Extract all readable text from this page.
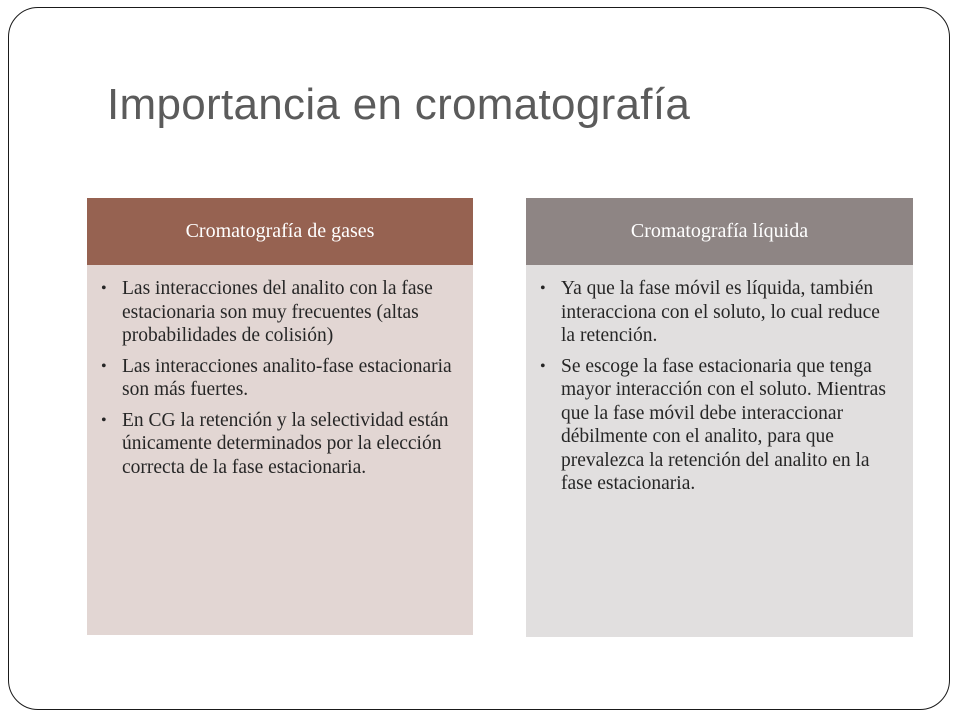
Importancia en cromatografía
Cromatografía de gases
• Las interacciones del analito con la fase estacionaria son muy frecuentes (altas probabilidades de colisión)
• Las interacciones analito-fase estacionaria son más fuertes.
• En CG la retención y la selectividad están únicamente determinados por la elección correcta de la fase estacionaria.
Cromatografía líquida
• Ya que la fase móvil es líquida, también interacciona con el soluto, lo cual reduce la retención.
• Se escoge la fase estacionaria que tenga mayor interacción con el soluto. Mientras que la fase móvil debe interaccionar débilmente con el analito, para que prevalezca la retención del analito en la fase estacionaria.
